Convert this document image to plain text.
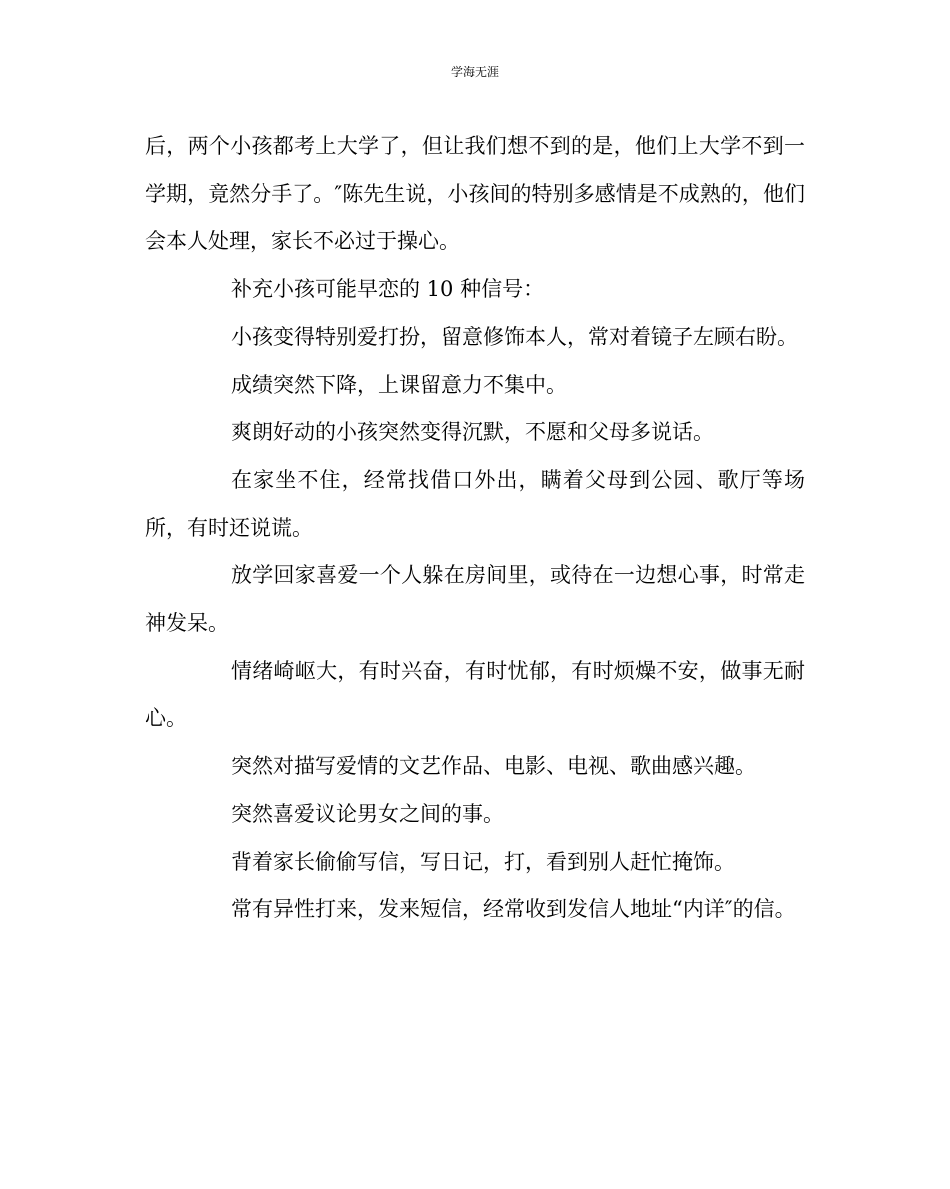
学海无涯

后，两个小孩都考上大学了，但让我们想不到的是，他们上大学不到一学期，竟然分手了。″陈先生说，小孩间的特别多感情是不成熟的，他们会本人处理，家长不必过于操心。

补充小孩可能早恋的 10 种信号：

小孩变得特别爱打扮，留意修饰本人，常对着镜子左顾右盼。

成绩突然下降，上课留意力不集中。

爽朗好动的小孩突然变得沉默，不愿和父母多说话。

在家坐不住，经常找借口外出，瞒着父母到公园、歌厅等场所，有时还说谎。

放学回家喜爱一个人躲在房间里，或待在一边想心事，时常走神发呆。

情绪崎岖大，有时兴奋，有时忧郁，有时烦燥不安，做事无耐心。

突然对描写爱情的文艺作品、电影、电视、歌曲感兴趣。

突然喜爱议论男女之间的事。

背着家长偷偷写信，写日记，打，看到别人赶忙掩饰。

常有异性打来，发来短信，经常收到发信人地址“内详″的信。
